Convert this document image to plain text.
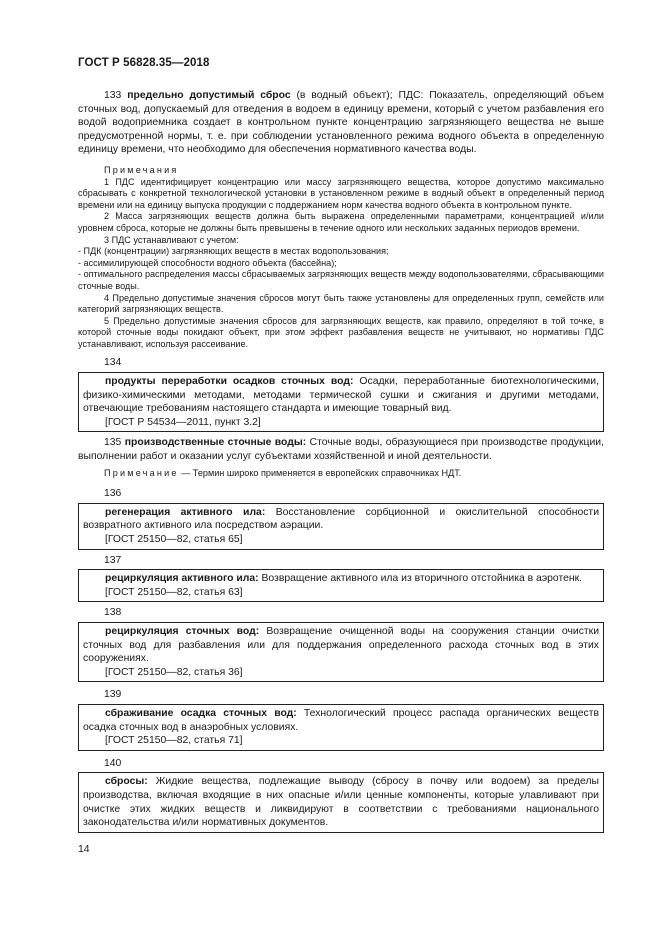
ГОСТ Р 56828.35—2018

133 предельно допустимый сброс (в водный объект); ПДС: Показатель, определяющий объем сточных вод, допускаемый для отведения в водоем в единицу времени, который с учетом разбавления его водой водоприемника создает в контрольном пункте концентрацию загрязняющего вещества не выше предусмотренной нормы, т. е. при соблюдении установленного режима водного объекта в определенную единицу времени, что необходимо для обеспечения нормативного качества воды.

Примечания

1 ПДС идентифицирует концентрацию или массу загрязняющего вещества, которое допустимо максимально сбрасывать с конкретной технологической установки в установленном режиме в водный объект в определенный период времени или на единицу выпуска продукции с поддержанием норм качества водного объекта в контрольном пункте.

2 Масса загрязняющих веществ должна быть выражена определенными параметрами, концентрацией и/или уровнем сброса, которые не должны быть превышены в течение одного или нескольких заданных периодов времени.

3 ПДС устанавливают с учетом:

- ПДК (концентрации) загрязняющих веществ в местах водопользования;

- ассимилирующей способности водного объекта (бассейна);

- оптимального распределения массы сбрасываемых загрязняющих веществ между водопользователями, сбрасывающими сточные воды.

4 Предельно допустимые значения сбросов могут быть также установлены для определенных групп, семейств или категорий загрязняющих веществ.

5 Предельно допустимые значения сбросов для загрязняющих веществ, как правило, определяют в той точке, в которой сточные воды покидают объект, при этом эффект разбавления веществ не учитывают, но нормативы ПДС устанавливают, используя рассеивание.

134

продукты переработки осадков сточных вод: Осадки, переработанные биотехнологическими, физико-химическими методами, методами термической сушки и сжигания и другими методами, отвечающие требованиям настоящего стандарта и имеющие товарный вид.

[ГОСТ Р 54534—2011, пункт 3.2]

135 производственные сточные воды: Сточные воды, образующиеся при производстве продукции, выполнении работ и оказании услуг субъектами хозяйственной и иной деятельности.

Примечание — Термин широко применяется в европейских справочниках НДТ.

136

регенерация активного ила: Восстановление сорбционной и окислительной способности возвратного активного ила посредством аэрации.

[ГОСТ 25150—82, статья 65]
137

рециркуляция активного ила: Возвращение активного ила из вторичного отстойника в аэротенк.

[ГОСТ 25150—82, статья 63]
138

рециркуляция сточных вод: Возвращение очищенной воды на сооружения станции очистки сточных вод для разбавления или для поддержания определенного расхода сточных вод в этих сооружениях.

[ГОСТ 25150—82, статья 36]
139

сбраживание осадка сточных вод: Технологический процесс распада органических веществ осадка сточных вод в анаэробных условиях.

[ГОСТ 25150—82, статья 71]
140

сбросы: Жидкие вещества, подлежащие выводу (сбросу в почву или водоем) за пределы производства, включая входящие в них опасные и/или ценные компоненты, которые улавливают при очистке этих жидких веществ и ликвидируют в соответствии с требованиями национального законодательства и/или нормативных документов.

14
